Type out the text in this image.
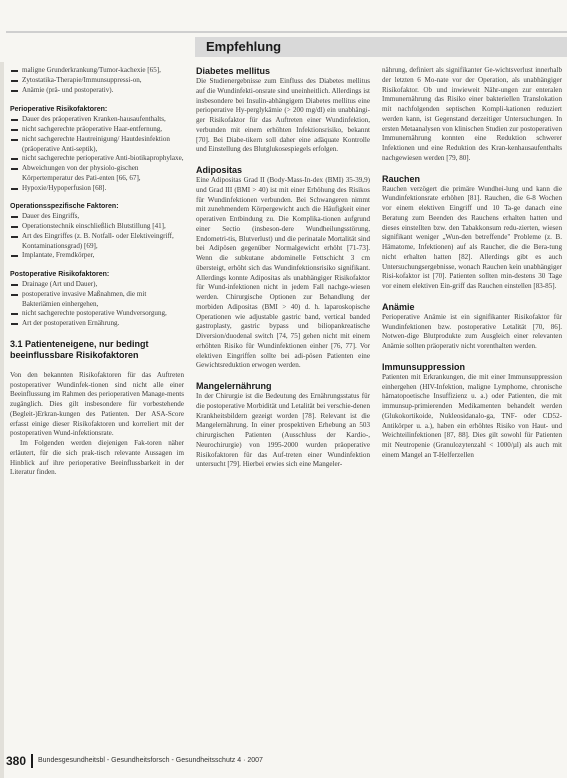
Empfehlung
maligne Grunderkrankung/Tumor-kachexie [65],
Zytostatika-Therapie/Immunsuppressi-on,
Anämie (prä- und postoperativ).

Perioperative Risikofaktoren:

Dauer des präoperativen Kranken-hausaufenthalts,
nicht sachgerechte präoperative Haar-entfernung,
nicht sachgerechte Hautreinigung/ Hautdesinfektion (präoperative Anti-septik),
nicht sachgerechte perioperative Anti-biotikaprophylaxe,
Abweichungen von der physiolo-gischen Körpertemperatur des Pati-enten [66, 67],
Hypoxie/Hypoperfusion [68].

Operationsspezifische Faktoren:

Dauer des Eingriffs,
Operationstechnik einschließlich Blutstillung [41],
Art des Eingriffes (z. B. Notfall- oder Elektiveingriff, Kontaminationsgrad) [69],
Implantate, Fremdkörper,

Postoperative Risikofaktoren:

Drainage (Art und Dauer),
postoperative invasive Maßnahmen, die mit Bakteriämien einhergehen,
nicht sachgerechte postoperative Wundversorgung,
Art der postoperativen Ernährung.

3.1 Patienteneigene, nur bedingt beeinflussbare Risikofaktoren

Von den bekannten Risikofaktoren für das Auftreten postoperativer Wundinfek-tionen sind nicht alle einer Beeinflussung im Rahmen des perioperativen Manage-ments zugänglich. Dies gilt insbesondere für vorbestehende (Begleit-)Erkran-kungen des Patienten. Der ASA-Score erfasst einige dieser Risikofaktoren und korreliert mit der postoperativen Wund-infektionsrate.

Im Folgenden werden diejenigen Fak-toren näher erläutert, für die sich prak-tisch relevante Aussagen im Hinblick auf ihre perioperative Beeinflussbarkeit in der Literatur finden.

Diabetes mellitus

Die Studienergebnisse zum Einfluss des Diabetes mellitus auf die Wundinfekti-onsrate sind uneinheitlich. Allerdings ist insbesondere bei Insulin-abhängigem Diabetes mellitus eine perioperative Hy-perglykämie (> 200 mg/dl) ein unabhängi-ger Risikofaktor für das Auftreten einer Wundinfektion, verbunden mit einem erhöhten Infektionsrisiko, bekannt [70]. Bei Diabe-tikern soll daher eine adäquate Kontrolle und Einstellung des Blutglukosespiegels erfolgen.

Adipositas

Eine Adipositas Grad II (Body-Mass-In-dex (BMI) 35-39,9) und Grad III (BMI > 40) ist mit einer Erhöhung des Risikos für Wundinfektionen verbunden. Bei Schwangeren nimmt mit zunehmendem Körpergewicht auch die Häufigkeit einer operativen Entbindung zu. Die Komplika-tionen aufgrund einer Sectio (insbeson-dere Wundheilungsstörung, Endometri-tis, Blutverlust) und die perinatale Mortalität sind bei Adipösen gegenüber Normalgewicht erhöht [71-73]. Wenn die subkutane abdominelle Fettschicht 3 cm übersteigt, erhöht sich das Wundinfektionsrisiko signifikant. Allerdings konnte Adipositas als unabhängiger Risikofaktor für Wund-infektionen nicht in jedem Fall nachge-wiesen werden. Chirurgische Optionen zur Behandlung der morbiden Adipositas (BMI > 40) d. h. laparoskopische Operationen wie adjustable gastric band, vertical banded gastroplasty, gastric bypass und biliopankreatische Diversion/duodenal switch [74, 75] gehen nicht mit einem erhöhten Risiko für Wundinfektionen einher [76, 77]. Vor elektiven Eingriffen sollte bei adi-pösen Patienten eine Gewichtsreduktion erwogen werden.

Mangelernährung

In der Chirurgie ist die Bedeutung des Ernährungsstatus für die postoperative Morbidität und Letalität bei verschie-denen Krankheitsbildern gezeigt worden [78]. Relevant ist die Mangelernährung. In einer prospektiven Erhebung an 503 chirurgischen Patienten (Ausschluss der Kardio-, Neurochirurgie) von 1995-2000 wurden präoperative Risikofaktoren für das Auf-treten einer Wundinfektion untersucht [79]. Hierbei erwies sich eine Mangeler-

nährung, definiert als signifikanter Ge-wichtsverlust innerhalb der letzten 6 Mo-nate vor der Operation, als unabhängiger Risikofaktor. Ob und inwieweit Nähr-ungen zur enteralen Immunernährung das Risiko einer bakteriellen Translokation mit nachfolgenden septischen Kompli-kationen reduziert werden kann, ist Gegenstand derzeitiger Untersuchungen. In ersten Metaanalysen von klinischen Studien zur postoperativen Immunernährung konnten eine Reduktion schwerer Infektionen und eine Reduktion des Kran-kenhausaufenthalts nachgewiesen werden [79, 80].

Rauchen

Rauchen verzögert die primäre Wundhei-lung und kann die Wundinfektionsrate erhöhen [81]. Rauchen, die 6-8 Wochen vor einem elektiven Eingriff und 10 Ta-ge danach eine Beratung zum Beenden des Rauchens erhalten hatten und dieses einstellten bzw. den Tabakkonsum redu-zierten, wiesen signifikant weniger „Wun-den betreffende" Probleme (z. B. Hämatome, Infektionen) auf als Raucher, die die Bera-tung nicht erhalten hatten [82]. Allerdings gibt es auch Untersuchungsergebnisse, wonach Rauchen kein unabhängiger Risi-kofaktor ist [70]. Patienten sollten min-destens 30 Tage vor einem elektiven Ein-griff das Rauchen einstellen [83-85].

Anämie

Perioperative Anämie ist ein signifikanter Risikofaktor für Wundinfektionen bzw. postoperative Letalität [70, 86]. Notwen-dige Blutprodukte zum Ausgleich einer relevanten Anämie sollten präoperativ nicht vorenthalten werden.

Immunsuppression

Patienten mit Erkrankungen, die mit einer Immunsuppression einhergehen (HIV-Infektion, maligne Lymphome, chronische hämatopoetische Insuffizienz u. a.) oder Patienten, die mit immunsup-primierenden Medikamenten behandelt werden (Glukokortikoide, Nukleosidanalo-ga, TNF- oder CD52-Antikörper u. a.), haben ein erhöhtes Risiko von Haut- und Weichteilinfektionen [87, 88]. Dies gilt sowohl für Patienten mit Neutropenie (Granulozytenzahl < 1000/µl) als auch mit einem Mangel an T-Helferzellen

380 Bundesgesundheitsbl - Gesundheitsforsch - Gesundheitsschutz 4 · 2007
